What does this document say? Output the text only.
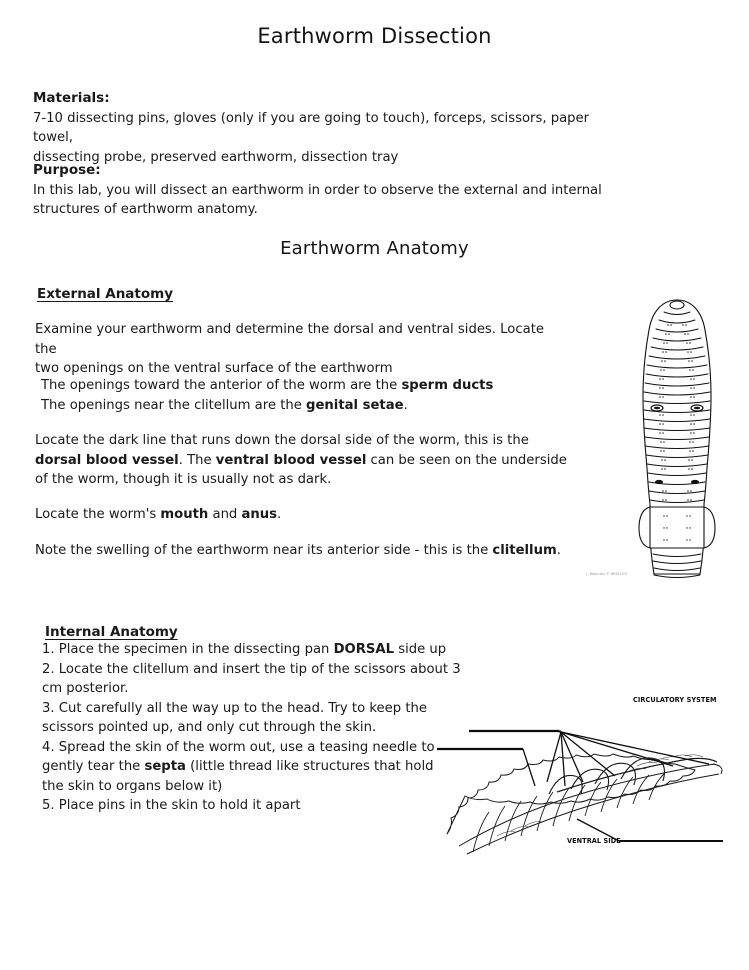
Earthworm Dissection
Materials:
7-10 dissecting pins, gloves (only if you are going to touch), forceps, scissors, paper towel,
dissecting probe, preserved earthworm, dissection tray
Purpose:
In this lab, you will dissect an earthworm in order to observe the external and internal
structures of earthworm anatomy.
Earthworm Anatomy
External Anatomy
Examine your earthworm and determine the dorsal and ventral sides. Locate the
two openings on the ventral surface of the earthworm
The openings toward the anterior of the worm are the sperm ducts
The openings near the clitellum are the genital setae.
Locate the dark line that runs down the dorsal side of the worm, this is the dorsal blood vessel. The ventral blood vessel can be seen on the underside of the worm, though it is usually not as dark.
Locate the worm's mouth and anus.
Note the swelling of the earthworm near its anterior side - this is the clitellum.
J. Beaulieu © WHOZOO
Internal Anatomy
1. Place the specimen in the dissecting pan DORSAL side up
2. Locate the clitellum and insert the tip of the scissors about 3 cm posterior.
3. Cut carefully all the way up to the head. Try to keep the
scissors pointed up, and only cut through the skin.
4. Spread the skin of the worm out, use a teasing needle to
gently tear the septa (little thread like structures that hold
the skin to organs below it)
5. Place pins in the skin to hold it apart
CIRCULATORY SYSTEM
VENTRAL SIDE
